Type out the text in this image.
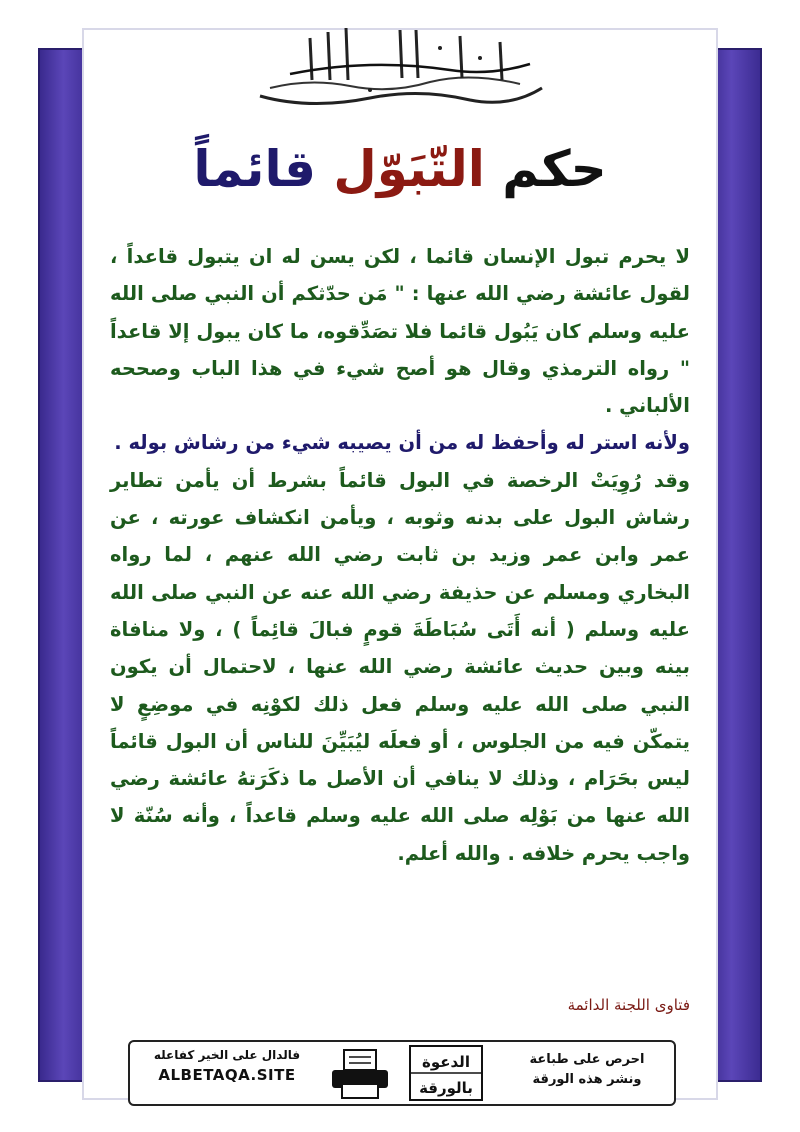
حكم التّبَوّل قائماً

لا يحرم تبول الإنسان قائما ، لكن يسن له ان يتبول قاعداً ، لقول عائشة رضي الله عنها : " مَن حدّثكم أن النبي صلى الله عليه وسلم كان يَبُول قائما فلا تصَدِّقوه، ما كان يبول إلا قاعداً " رواه الترمذي وقال هو أصح شيء في هذا الباب وصححه الألباني .

ولأنه استر له وأحفظ له من أن يصيبه شيء من رشاش بوله .

وقد رُوِيَتْ الرخصة في البول قائماً بشرط أن يأمن تطاير رشاش البول على بدنه وثوبه ، ويأمن انكشاف عورته ، عن عمر وابن عمر وزيد بن ثابت رضي الله عنهم ، لما رواه البخاري ومسلم عن حذيفة رضي الله عنه عن النبي صلى الله عليه وسلم ( أنه أَتَى سُبَاطَةَ قومٍ فبالَ قائِماً ) ، ولا منافاة بينه وبين حديث عائشة رضي الله عنها ، لاحتمال أن يكون النبي صلى الله عليه وسلم فعل ذلك لكوْنِه في موضِعٍ لا يتمكّن فيه من الجلوس ، أو فعلَه ليُبَيِّنَ للناس أن البول قائماً ليس بحَرَام ، وذلك لا ينافي أن الأصل ما ذكَرَتهُ عائشة رضي الله عنها من بَوْلِه صلى الله عليه وسلم قاعداً ، وأنه سُنّة لا واجب يحرم خلافه . والله أعلم.

فتاوى اللجنة الدائمة
احرص على طباعة
ونشر هذه الورقة
الدعوة
بالورقة
فالدال على الخير كفاعله
ALBETAQA.SITE
